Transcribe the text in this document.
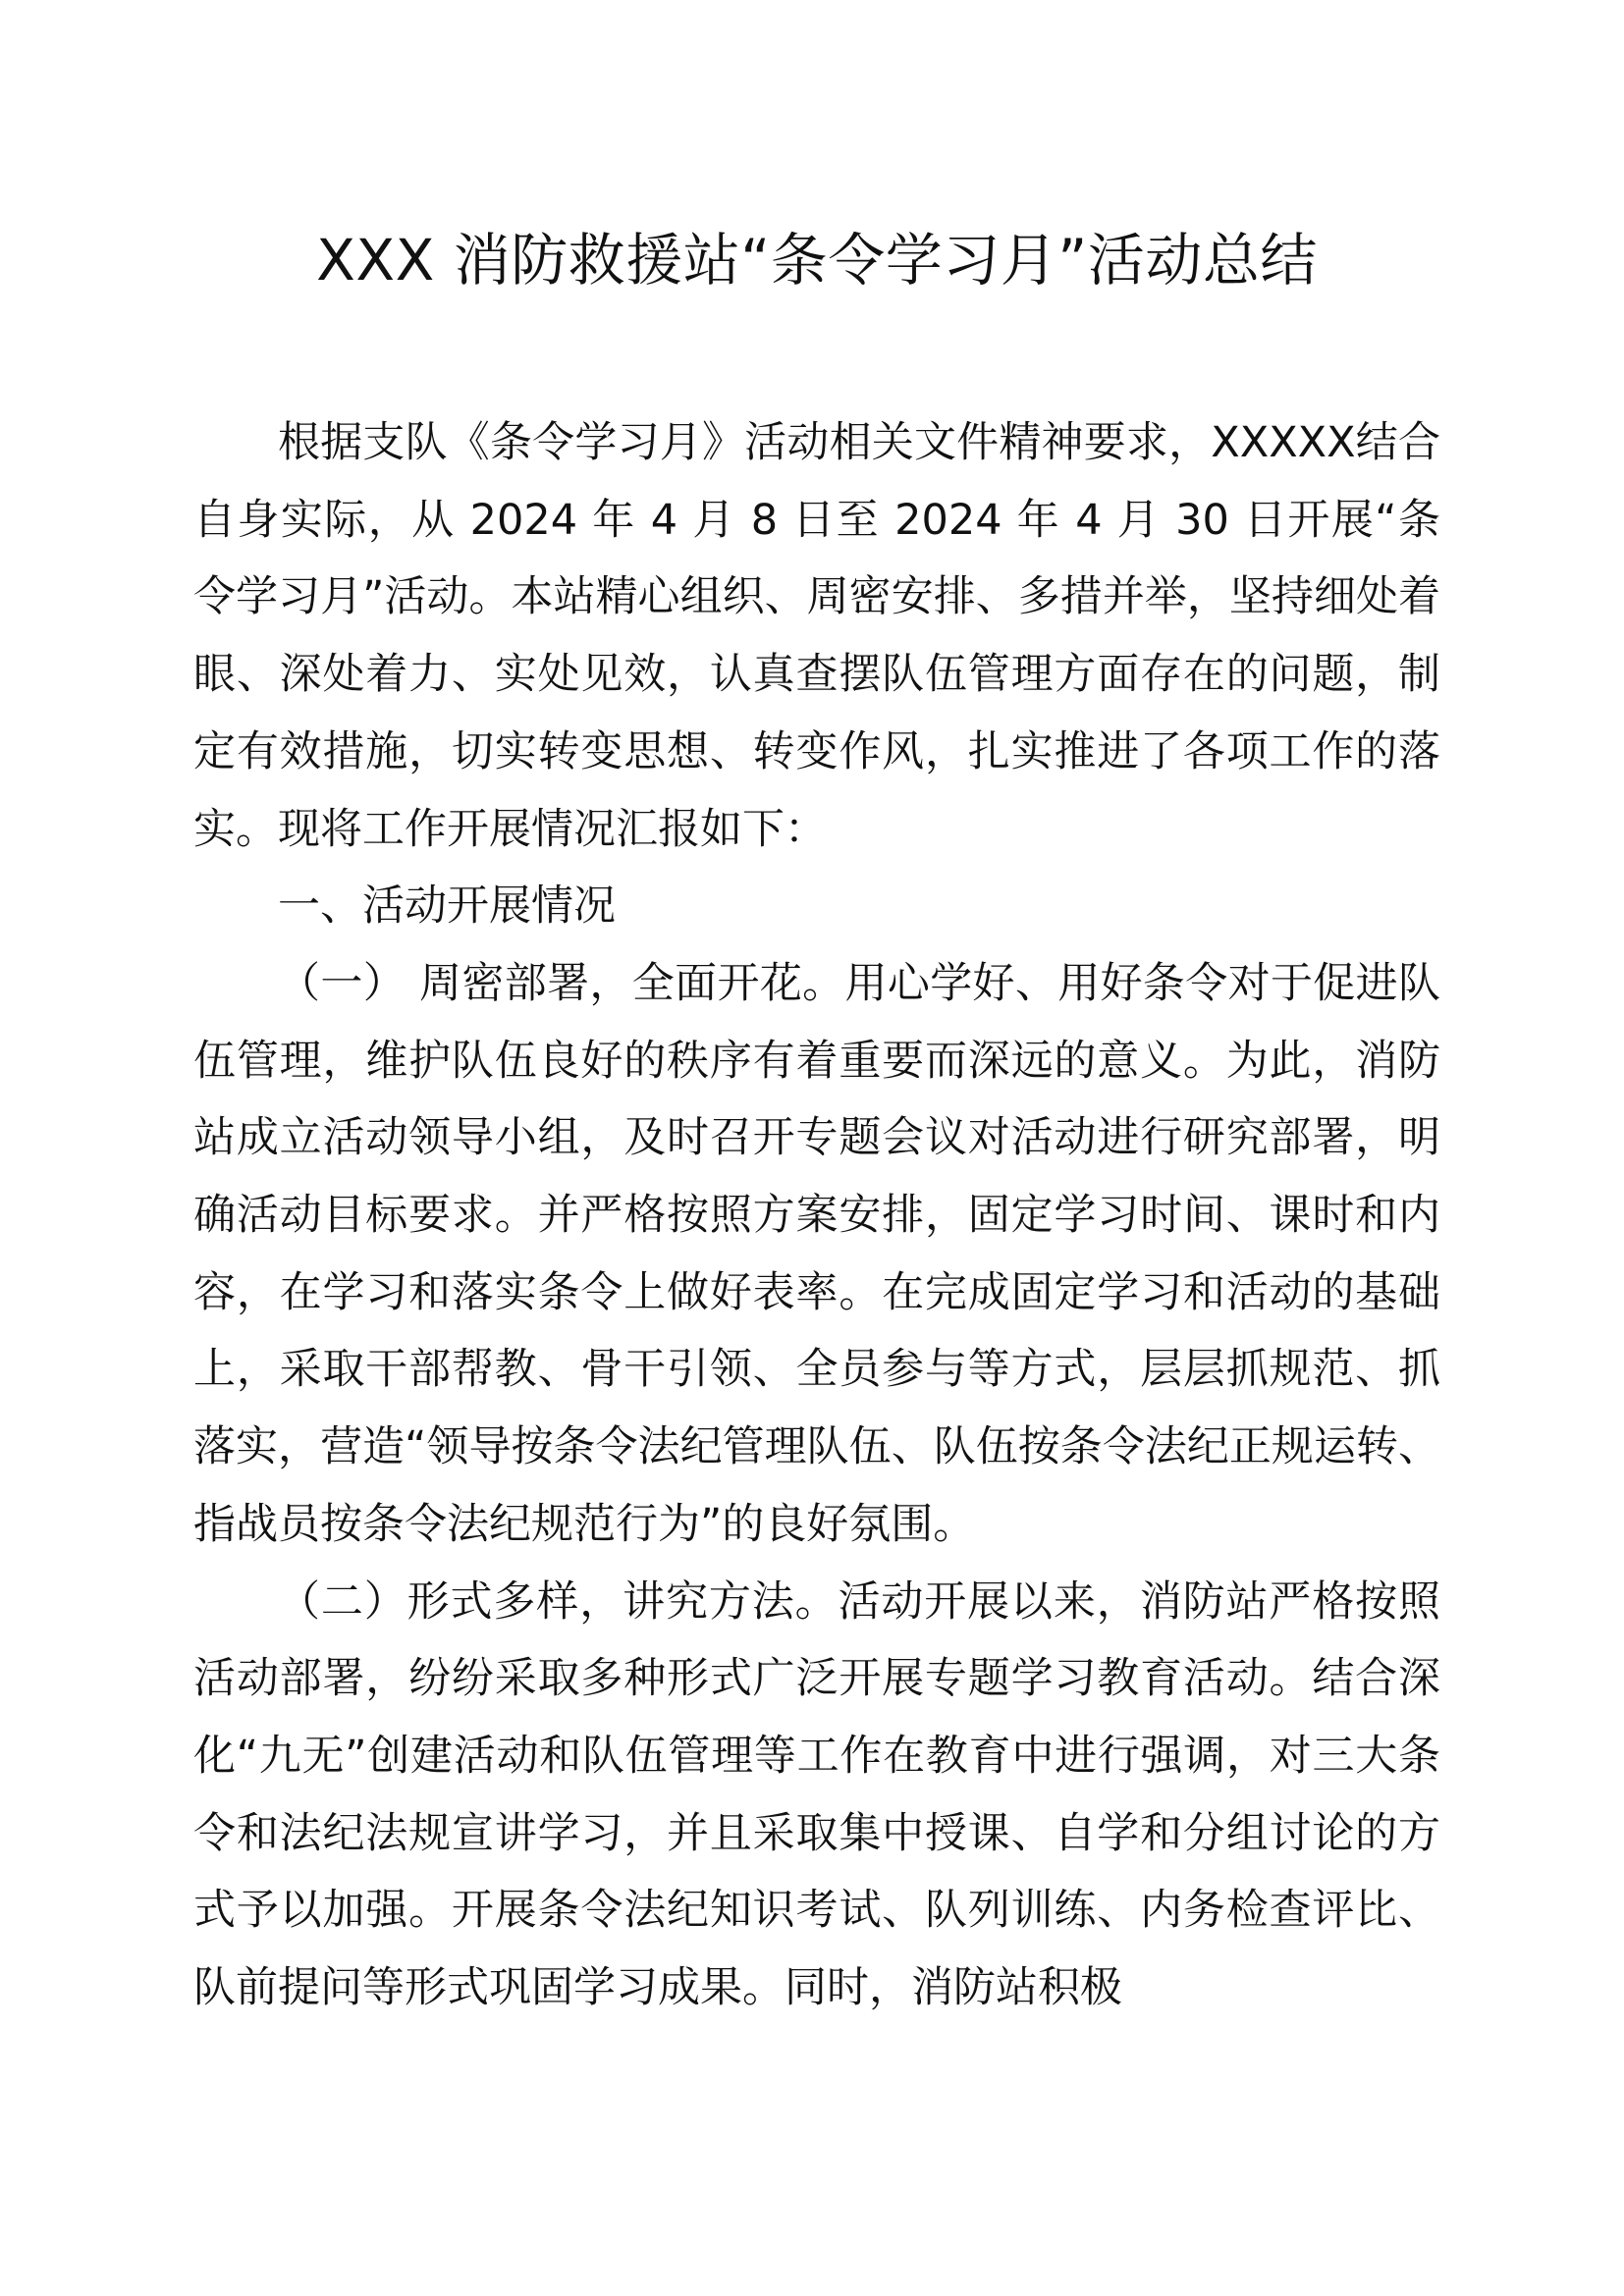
XXX 消防救援站“条令学习月”活动总结

根据支队《条令学习月》活动相关文件精神要求，XXXXX结合自身实际，从 2024 年 4 月 8 日至 2024 年 4 月 30 日开展“条令学习月”活动。本站精心组织、周密安排、多措并举，坚持细处着眼、深处着力、实处见效，认真查摆队伍管理方面存在的问题，制定有效措施，切实转变思想、转变作风，扎实推进了各项工作的落实。现将工作开展情况汇报如下：

一、活动开展情况

（一） 周密部署，全面开花。用心学好、用好条令对于促进队伍管理，维护队伍良好的秩序有着重要而深远的意义。为此，消防站成立活动领导小组，及时召开专题会议对活动进行研究部署，明确活动目标要求。并严格按照方案安排，固定学习时间、课时和内容，在学习和落实条令上做好表率。在完成固定学习和活动的基础上，采取干部帮教、骨干引领、全员参与等方式，层层抓规范、抓落实，营造“领导按条令法纪管理队伍、队伍按条令法纪正规运转、指战员按条令法纪规范行为”的良好氛围。

（二）形式多样，讲究方法。活动开展以来，消防站严格按照活动部署，纷纷采取多种形式广泛开展专题学习教育活动。结合深化“九无”创建活动和队伍管理等工作在教育中进行强调，对三大条令和法纪法规宣讲学习，并且采取集中授课、自学和分组讨论的方式予以加强。开展条令法纪知识考试、队列训练、内务检查评比、队前提问等形式巩固学习成果。同时，消防站积极
